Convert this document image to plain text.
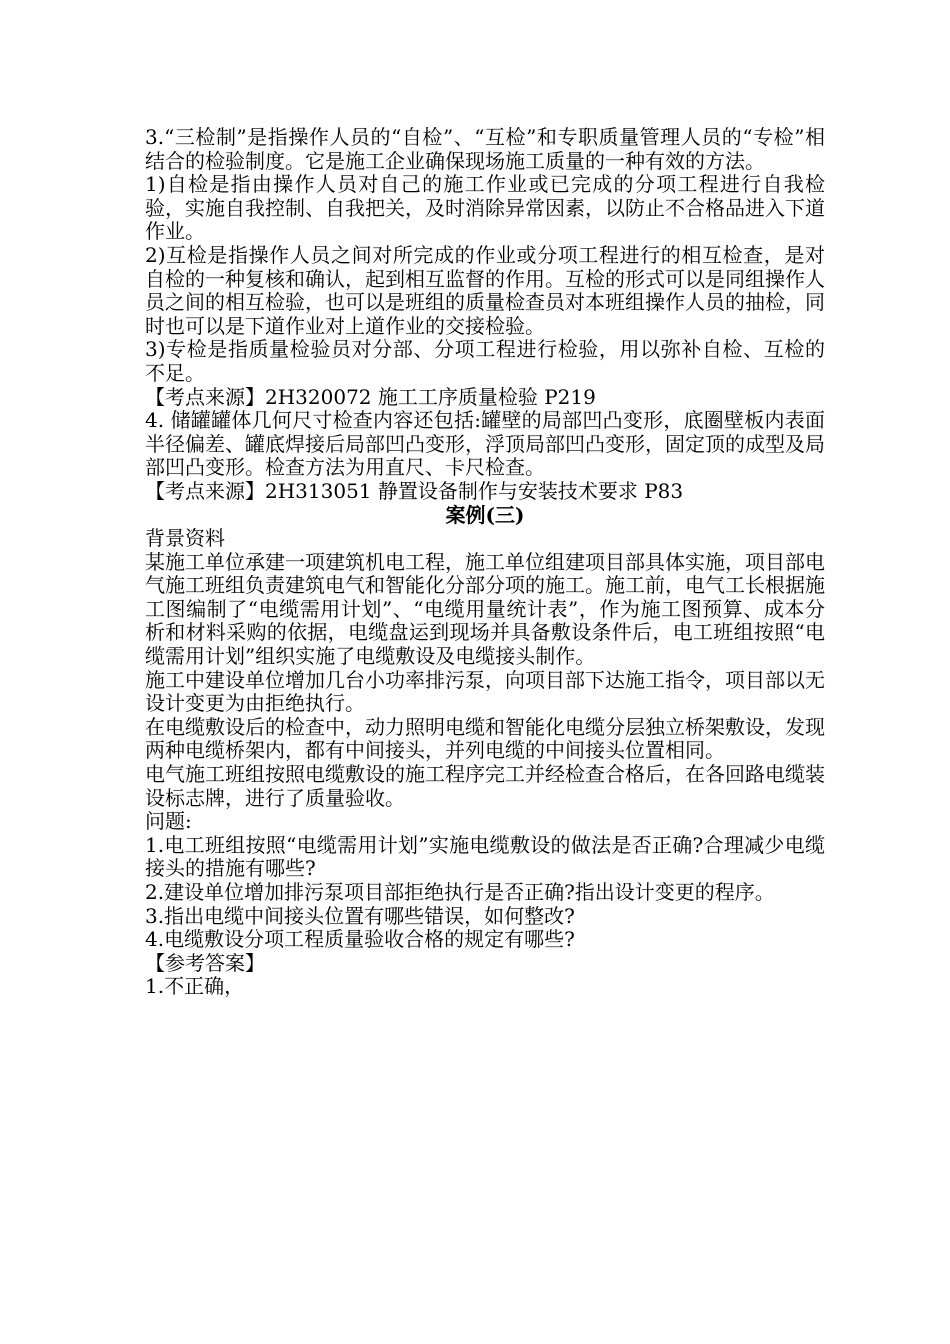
3.“三检制”是指操作人员的“自检”、“互检”和专职质量管理人员的“专检”相结合的检验制度。它是施工企业确保现场施工质量的一种有效的方法。

1)自检是指由操作人员对自己的施工作业或已完成的分项工程进行自我检验，实施自我控制、自我把关，及时消除异常因素，以防止不合格品进入下道作业。

2)互检是指操作人员之间对所完成的作业或分项工程进行的相互检查，是对自检的一种复核和确认，起到相互监督的作用。互检的形式可以是同组操作人员之间的相互检验，也可以是班组的质量检查员对本班组操作人员的抽检，同时也可以是下道作业对上道作业的交接检验。

3)专检是指质量检验员对分部、分项工程进行检验，用以弥补自检、互检的不足。

【考点来源】2H320072 施工工序质量检验 P219

4. 储罐罐体几何尺寸检查内容还包括:罐壁的局部凹凸变形，底圈壁板内表面半径偏差、罐底焊接后局部凹凸变形，浮顶局部凹凸变形，固定顶的成型及局部凹凸变形。检查方法为用直尺、卡尺检查。

【考点来源】2H313051 静置设备制作与安装技术要求 P83

案例(三)

背景资料

某施工单位承建一项建筑机电工程，施工单位组建项目部具体实施，项目部电气施工班组负责建筑电气和智能化分部分项的施工。施工前，电气工长根据施工图编制了“电缆需用计划”、“电缆用量统计表”，作为施工图预算、成本分析和材料采购的依据，电缆盘运到现场并具备敷设条件后，电工班组按照“电缆需用计划”组织实施了电缆敷设及电缆接头制作。

施工中建设单位增加几台小功率排污泵，向项目部下达施工指令，项目部以无设计变更为由拒绝执行。

在电缆敷设后的检查中，动力照明电缆和智能化电缆分层独立桥架敷设，发现两种电缆桥架内，都有中间接头，并列电缆的中间接头位置相同。

电气施工班组按照电缆敷设的施工程序完工并经检查合格后，在各回路电缆装设标志牌，进行了质量验收。

问题:

1.电工班组按照“电缆需用计划”实施电缆敷设的做法是否正确?合理减少电缆接头的措施有哪些?

2.建设单位增加排污泵项目部拒绝执行是否正确?指出设计变更的程序。

3.指出电缆中间接头位置有哪些错误，如何整改?

4.电缆敷设分项工程质量验收合格的规定有哪些?

【参考答案】

1.不正确，
